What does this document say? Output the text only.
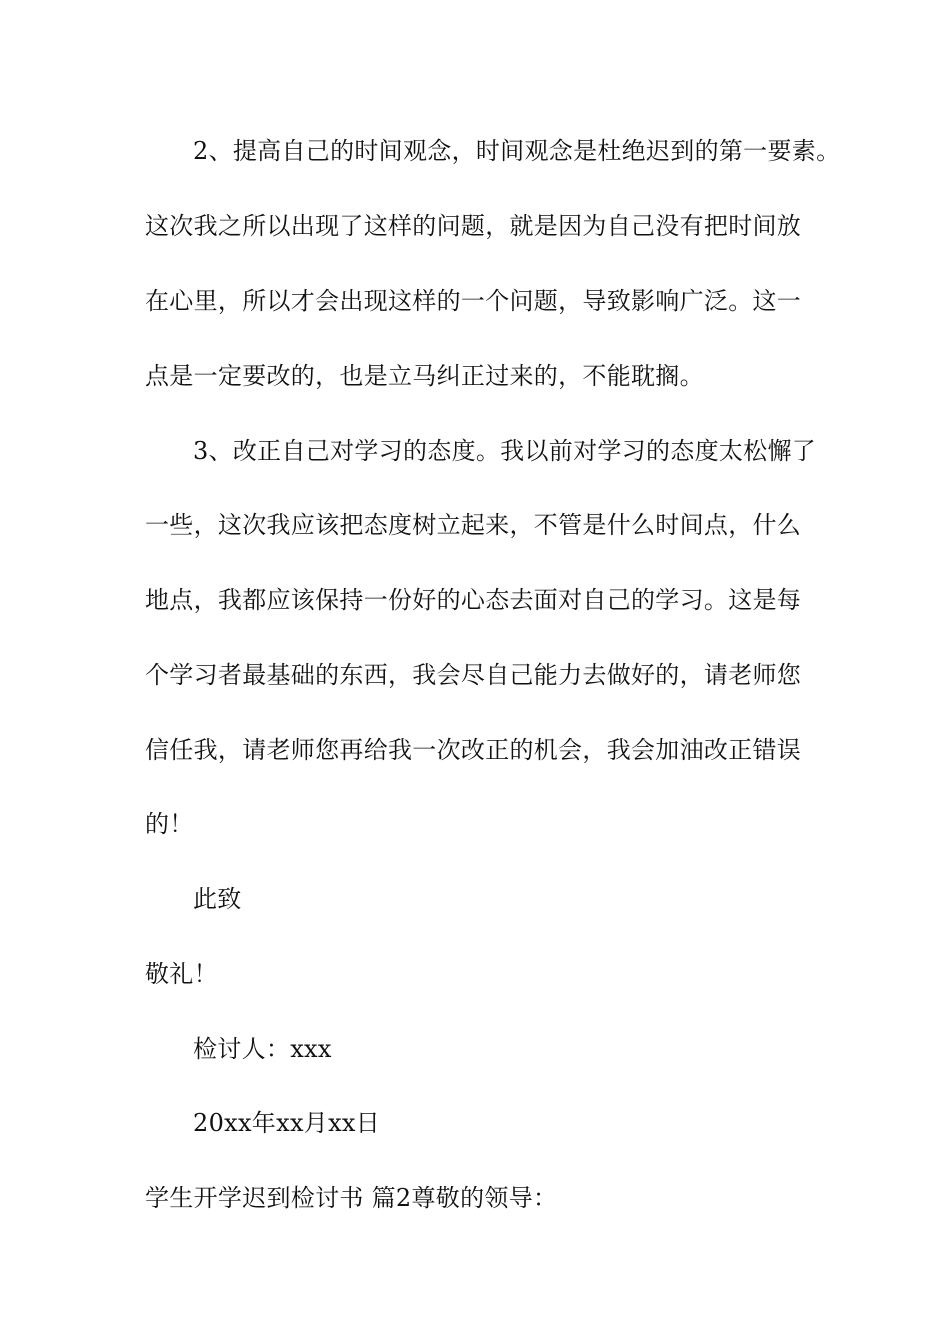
2、提高自己的时间观念，时间观念是杜绝迟到的第一要素。
这次我之所以出现了这样的问题，就是因为自己没有把时间放
在心里，所以才会出现这样的一个问题，导致影响广泛。这一
点是一定要改的，也是立马纠正过来的，不能耽搁。
3、改正自己对学习的态度。我以前对学习的态度太松懈了
一些，这次我应该把态度树立起来，不管是什么时间点，什么
地点，我都应该保持一份好的心态去面对自己的学习。这是每
个学习者最基础的东西，我会尽自己能力去做好的，请老师您
信任我，请老师您再给我一次改正的机会，我会加油改正错误
的！
此致
敬礼！
检讨人：xxx
20xx年xx月xx日
学生开学迟到检讨书 篇2尊敬的领导：
